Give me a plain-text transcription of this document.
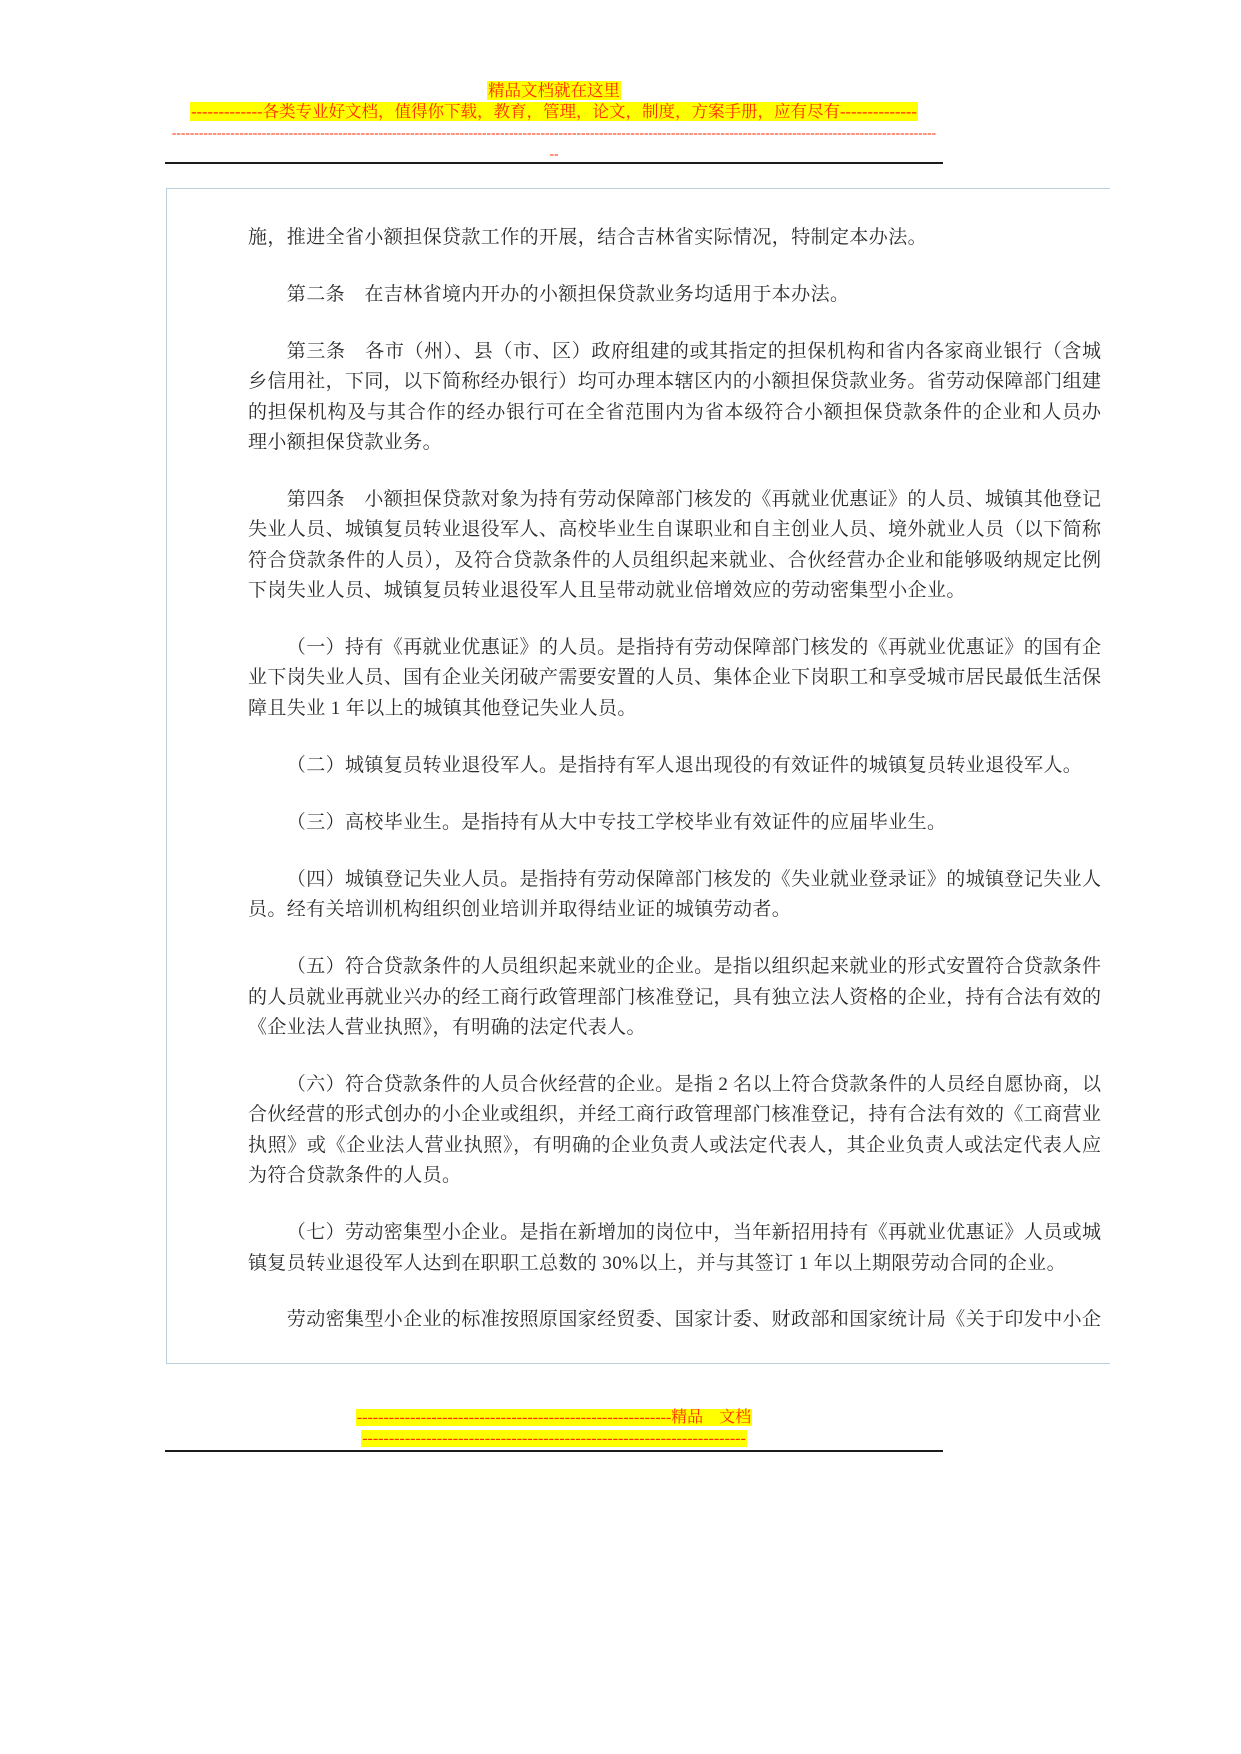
精品文档就在这里
-------------各类专业好文档，值得你下载，教育，管理，论文，制度，方案手册，应有尽有--------------
--------------------------------------------------------------------------------------------------------------------------------------------------------------------------
--
施，推进全省小额担保贷款工作的开展，结合吉林省实际情况，特制定本办法。
第二条　在吉林省境内开办的小额担保贷款业务均适用于本办法。
第三条　各市（州）、县（市、区）政府组建的或其指定的担保机构和省内各家商业银行（含城
乡信用社，下同，以下简称经办银行）均可办理本辖区内的小额担保贷款业务。省劳动保障部门组建
的担保机构及与其合作的经办银行可在全省范围内为省本级符合小额担保贷款条件的企业和人员办
理小额担保贷款业务。
第四条　小额担保贷款对象为持有劳动保障部门核发的《再就业优惠证》的人员、城镇其他登记
失业人员、城镇复员转业退役军人、高校毕业生自谋职业和自主创业人员、境外就业人员（以下简称
符合贷款条件的人员），及符合贷款条件的人员组织起来就业、合伙经营办企业和能够吸纳规定比例
下岗失业人员、城镇复员转业退役军人且呈带动就业倍增效应的劳动密集型小企业。
（一）持有《再就业优惠证》的人员。是指持有劳动保障部门核发的《再就业优惠证》的国有企
业下岗失业人员、国有企业关闭破产需要安置的人员、集体企业下岗职工和享受城市居民最低生活保
障且失业 1 年以上的城镇其他登记失业人员。
（二）城镇复员转业退役军人。是指持有军人退出现役的有效证件的城镇复员转业退役军人。
（三）高校毕业生。是指持有从大中专技工学校毕业有效证件的应届毕业生。
（四）城镇登记失业人员。是指持有劳动保障部门核发的《失业就业登录证》的城镇登记失业人
员。经有关培训机构组织创业培训并取得结业证的城镇劳动者。
（五）符合贷款条件的人员组织起来就业的企业。是指以组织起来就业的形式安置符合贷款条件
的人员就业再就业兴办的经工商行政管理部门核准登记，具有独立法人资格的企业，持有合法有效的
《企业法人营业执照》，有明确的法定代表人。
（六）符合贷款条件的人员合伙经营的企业。是指 2 名以上符合贷款条件的人员经自愿协商，以
合伙经营的形式创办的小企业或组织，并经工商行政管理部门核准登记，持有合法有效的《工商营业
执照》或《企业法人营业执照》，有明确的企业负责人或法定代表人，其企业负责人或法定代表人应
为符合贷款条件的人员。
（七）劳动密集型小企业。是指在新增加的岗位中，当年新招用持有《再就业优惠证》人员或城
镇复员转业退役军人达到在职职工总数的 30%以上，并与其签订 1 年以上期限劳动合同的企业。
劳动密集型小企业的标准按照原国家经贸委、国家计委、财政部和国家统计局《关于印发中小企
-----------------------------------------------------------精品　文档
------------------------------------------------------------------------
